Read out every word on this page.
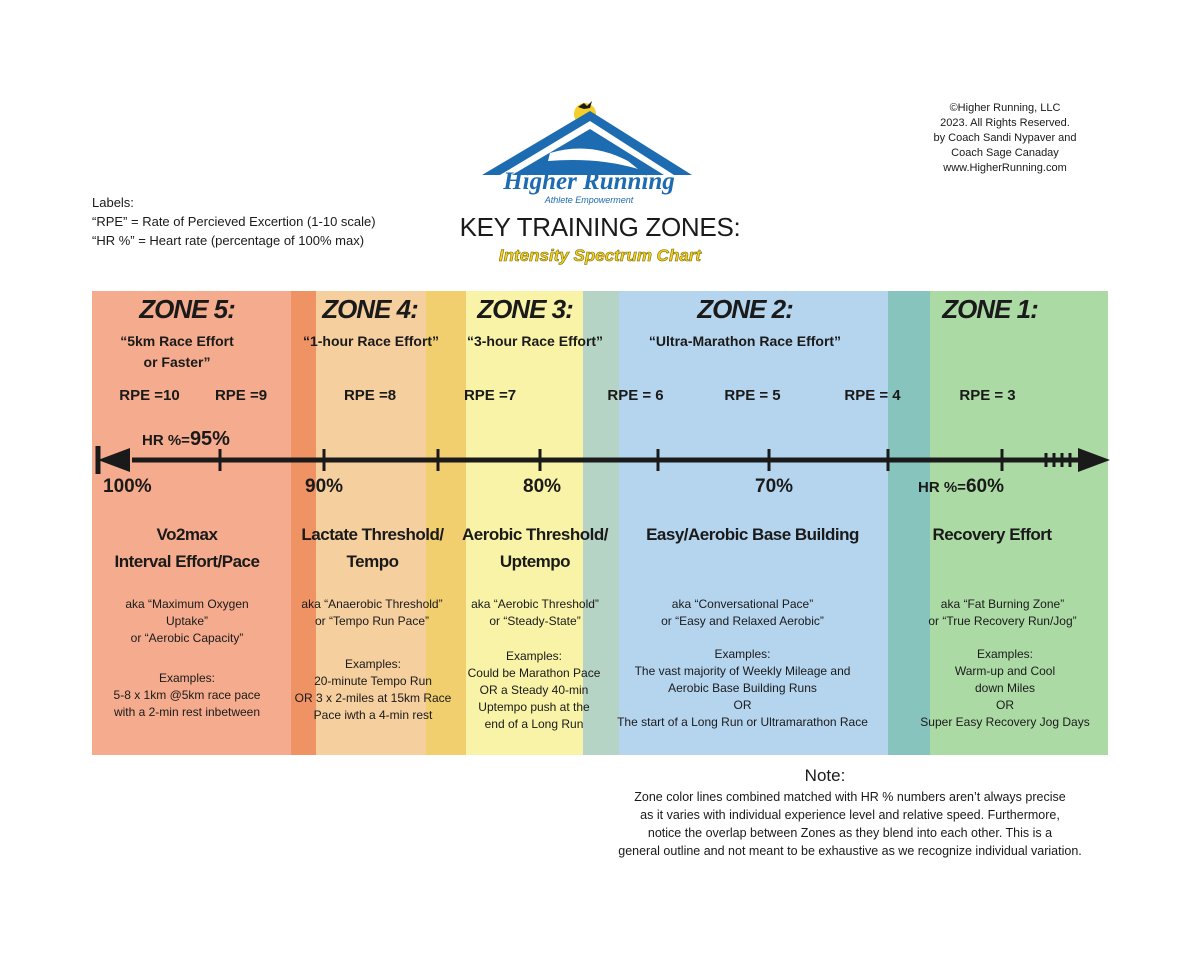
Higher Running
Athlete Empowerment
©Higher Running, LLC
2023. All Rights Reserved.
by Coach Sandi Nypaver and
Coach Sage Canaday
www.HigherRunning.com
Labels:
“RPE” = Rate of Percieved Excertion (1-10 scale)
“HR %” = Heart rate (percentage of 100% max)	KEY TRAINING ZONES:
Intensity Spectrum Chart
ZONE 5:	ZONE 4:	ZONE 3:	ZONE 2:	ZONE 1:
“5km Race Effort
or Faster”
“1-hour Race Effort”	“3-hour Race Effort”	“Ultra-Marathon Race Effort”
RPE =10	RPE =9	RPE =8	RPE =7	RPE = 6	RPE = 5	RPE = 4	RPE = 3
HR %=95%
100%	90%	80%	70%	HR %=60%
Vo2max
Interval Effort/Pace
aka “Maximum Oxygen
Uptake”
or “Aerobic Capacity”
Examples:
5-8 x 1km @5km race pace
with a 2-min rest inbetween
Lactate Threshold/
Tempo
aka “Anaerobic Threshold”
or “Tempo Run Pace”
Examples:
20-minute Tempo Run
OR 3 x 2-miles at 15km Race
Pace iwth a 4-min rest
Aerobic Threshold/
Uptempo
aka “Aerobic Threshold”
or “Steady-State”
Examples:
Could be Marathon Pace
OR a Steady 40-min
Uptempo push at the
end of a Long Run
Easy/Aerobic Base Building
aka “Conversational Pace”
or “Easy and Relaxed Aerobic”
Examples:
The vast majority of Weekly Mileage and
Aerobic Base Building Runs
OR
The start of a Long Run or Ultramarathon Race
Recovery Effort
aka “Fat Burning Zone”
or “True Recovery Run/Jog”
Examples:
Warm-up and Cool
down Miles
OR
Super Easy Recovery Jog Days
Note:
Zone color lines combined matched with HR % numbers aren’t always precise
as it varies with individual experience level and relative speed. Furthermore,
notice the overlap between Zones as they blend into each other. This is a
general outline and not meant to be exhaustive as we recognize individual variation.
